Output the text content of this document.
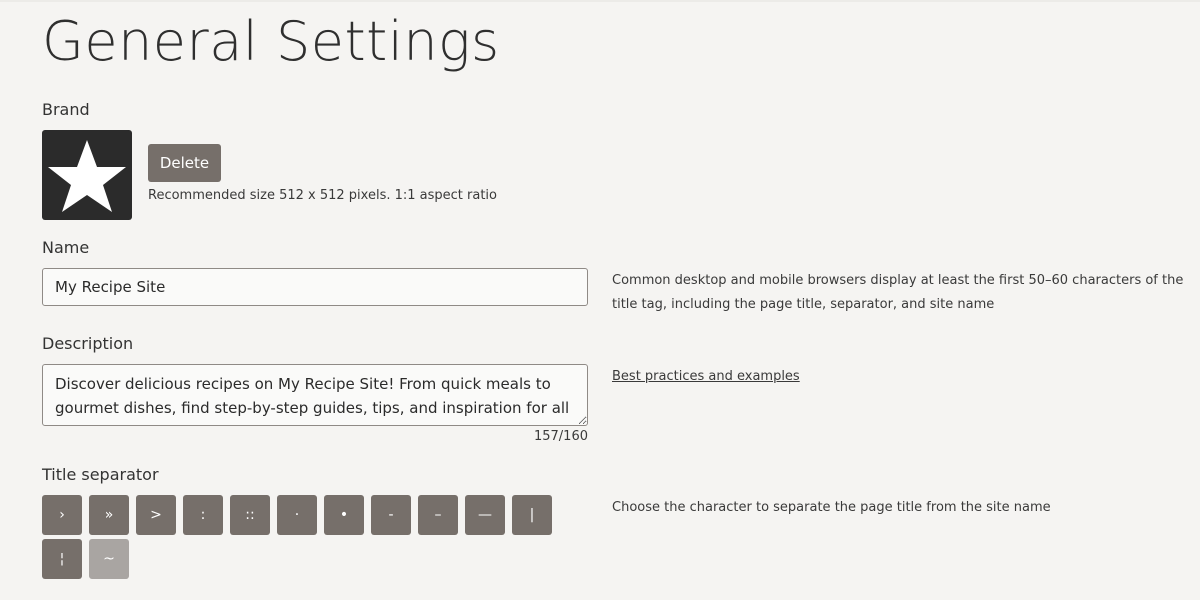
General Settings
Brand
Delete
Recommended size 512 x 512 pixels. 1:1 aspect ratio
Name
My Recipe Site
Common desktop and mobile browsers display at least the first 50–60 characters of the
title tag, including the page title, separator, and site name
Description
Discover delicious recipes on My Recipe Site! From quick meals to gourmet dishes, find step-by-step guides, tips, and inspiration for all your
157/160
Best practices and examples
Title separator
›	»	>	:	::	·	•	-	–	—	|
¦	~
Choose the character to separate the page title from the site name
